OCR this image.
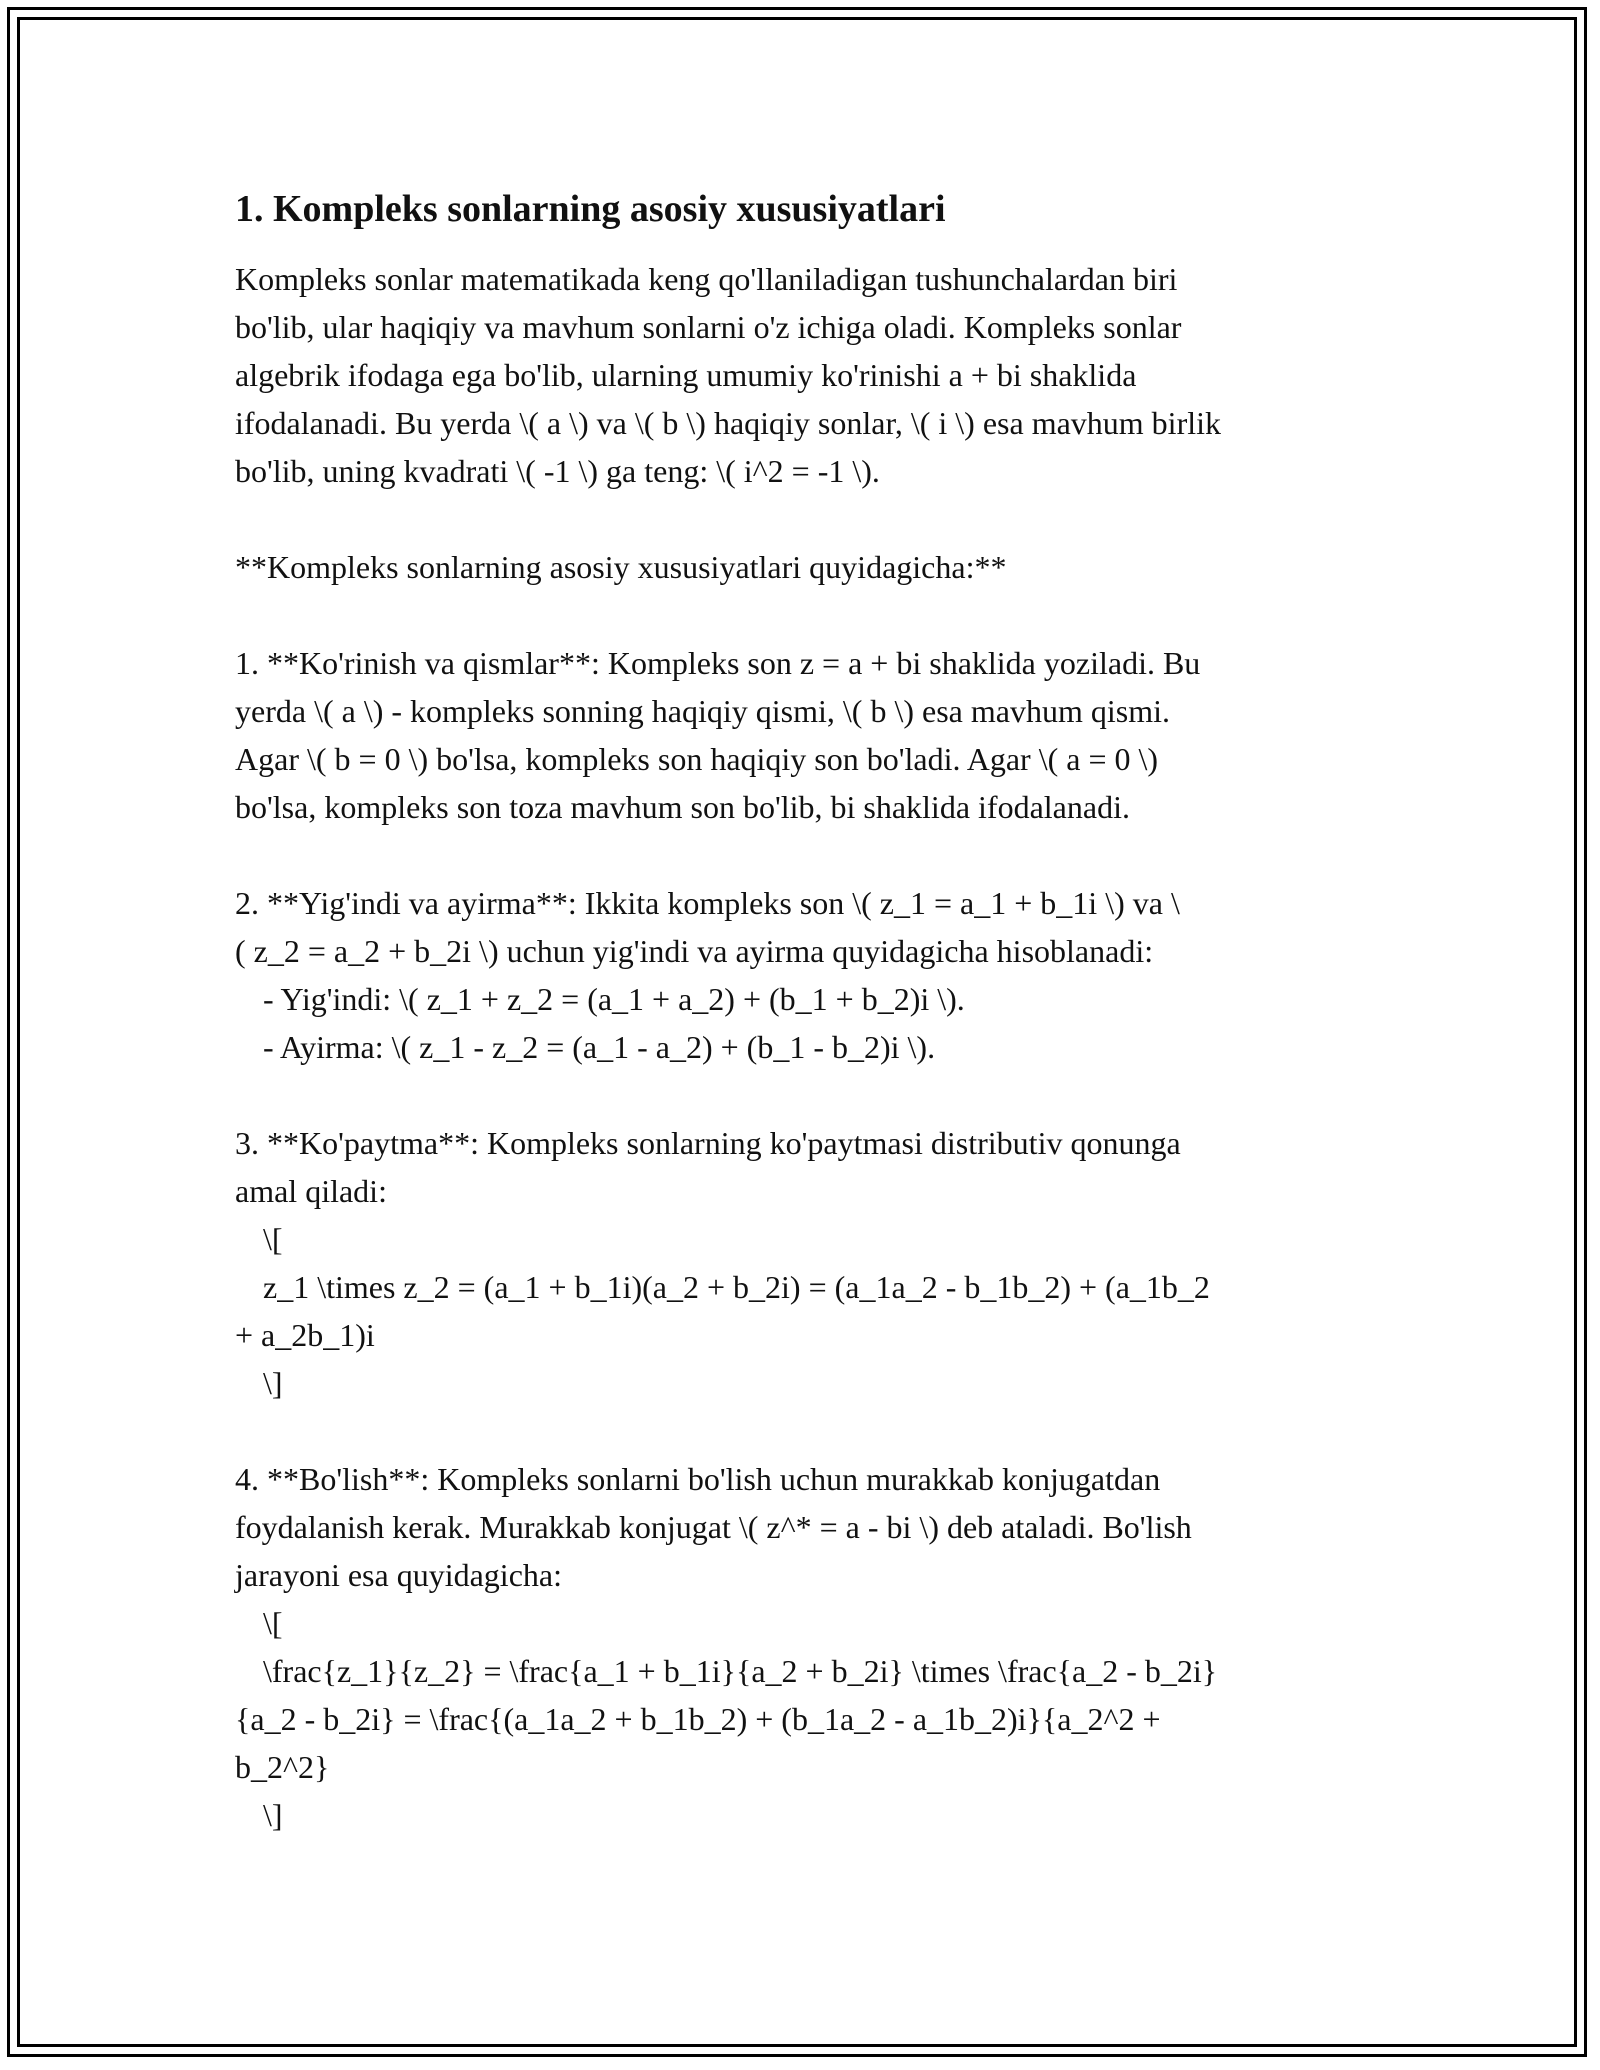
1. Kompleks sonlarning asosiy xususiyatlari
Kompleks sonlar matematikada keng qo'llaniladigan tushunchalardan biri
bo'lib, ular haqiqiy va mavhum sonlarni o'z ichiga oladi. Kompleks sonlar
algebrik ifodaga ega bo'lib, ularning umumiy ko'rinishi a + bi shaklida
ifodalanadi. Bu yerda \( a \) va \( b \) haqiqiy sonlar, \( i \) esa mavhum birlik
bo'lib, uning kvadrati \( -1 \) ga teng: \( i^2 = -1 \).
**Kompleks sonlarning asosiy xususiyatlari quyidagicha:**
1. **Ko'rinish va qismlar**: Kompleks son z = a + bi shaklida yoziladi. Bu
yerda \( a \) - kompleks sonning haqiqiy qismi, \( b \) esa mavhum qismi.
Agar \( b = 0 \) bo'lsa, kompleks son haqiqiy son bo'ladi. Agar \( a = 0 \)
bo'lsa, kompleks son toza mavhum son bo'lib, bi shaklida ifodalanadi.
2. **Yig'indi va ayirma**: Ikkita kompleks son \( z_1 = a_1 + b_1i \) va \
( z_2 = a_2 + b_2i \) uchun yig'indi va ayirma quyidagicha hisoblanadi:
- Yig'indi: \( z_1 + z_2 = (a_1 + a_2) + (b_1 + b_2)i \).
- Ayirma: \( z_1 - z_2 = (a_1 - a_2) + (b_1 - b_2)i \).
3. **Ko'paytma**: Kompleks sonlarning ko'paytmasi distributiv qonunga
amal qiladi:
\[
z_1 \times z_2 = (a_1 + b_1i)(a_2 + b_2i) = (a_1a_2 - b_1b_2) + (a_1b_2
+ a_2b_1)i
\]
4. **Bo'lish**: Kompleks sonlarni bo'lish uchun murakkab konjugatdan
foydalanish kerak. Murakkab konjugat \( z^* = a - bi \) deb ataladi. Bo'lish
jarayoni esa quyidagicha:
\[
\frac{z_1}{z_2} = \frac{a_1 + b_1i}{a_2 + b_2i} \times \frac{a_2 - b_2i}
{a_2 - b_2i} = \frac{(a_1a_2 + b_1b_2) + (b_1a_2 - a_1b_2)i}{a_2^2 +
b_2^2}
\]
